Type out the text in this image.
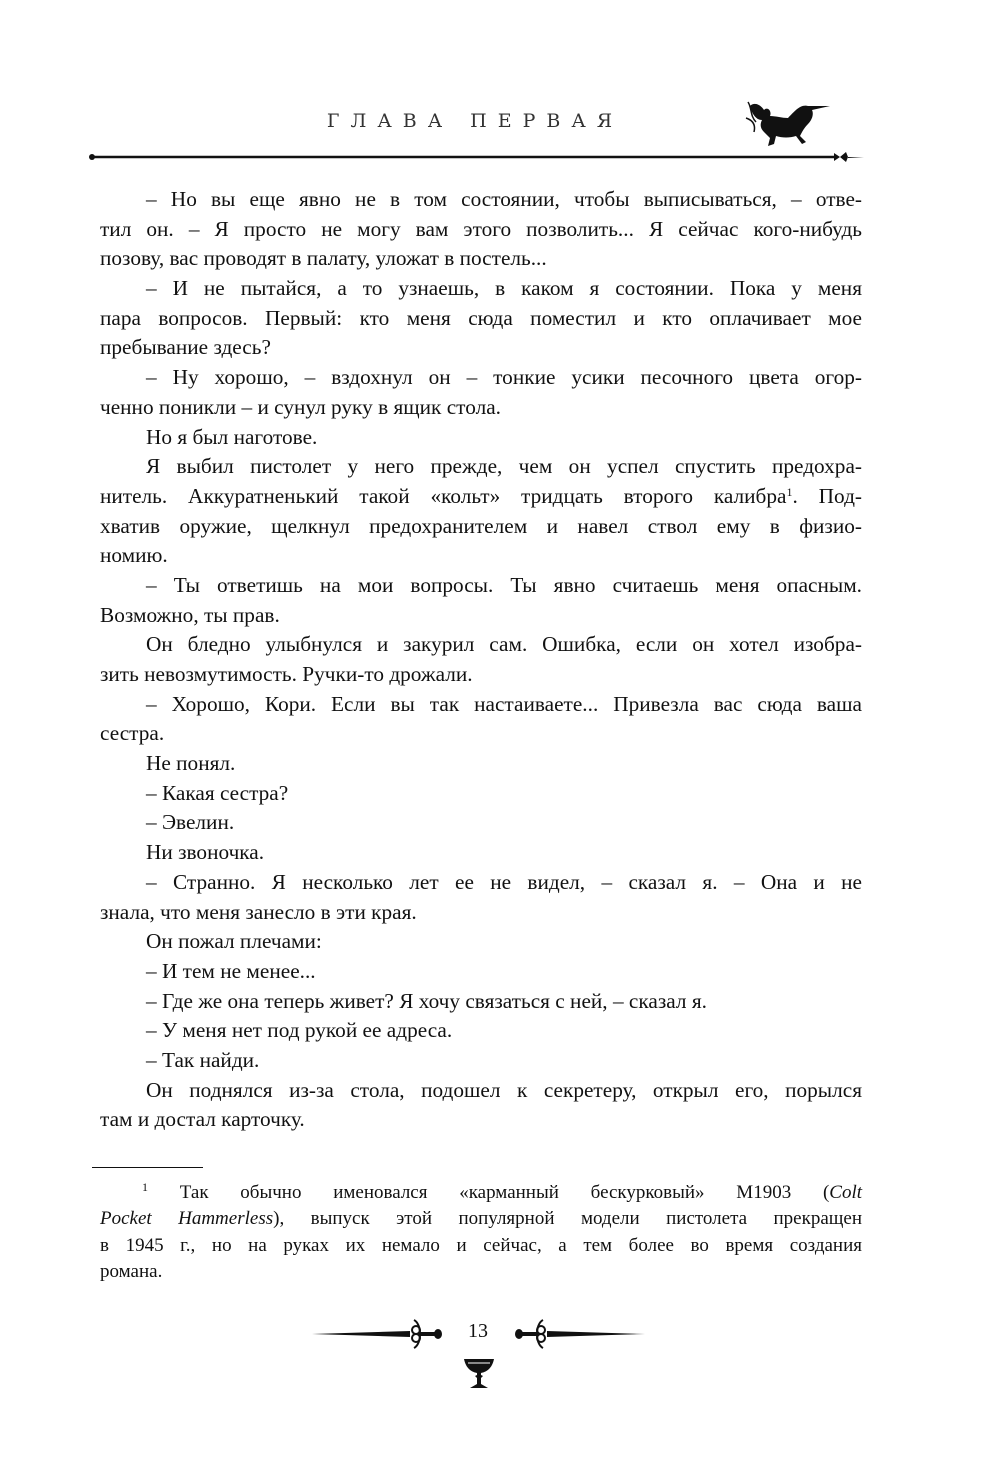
ГЛАВА ПЕРВАЯ
– Но вы еще явно не в том состоянии, чтобы выписываться, – отве-
тил он. – Я просто не могу вам этого позволить... Я сейчас кого-нибудь
позову, вас проводят в палату, уложат в постель...
– И не пытайся, а то узнаешь, в каком я состоянии. Пока у меня
пара вопросов. Первый: кто меня сюда поместил и кто оплачивает мое
пребывание здесь?
– Ну хорошо, – вздохнул он – тонкие усики песочного цвета огор-
ченно поникли – и сунул руку в ящик стола.
Но я был наготове.
Я выбил пистолет у него прежде, чем он успел спустить предохра-
нитель. Аккуратненький такой «кольт» тридцать второго калибра$^1$. Под-
хватив оружие, щелкнул предохранителем и навел ствол ему в физио-
номию.
– Ты ответишь на мои вопросы. Ты явно считаешь меня опасным.
Возможно, ты прав.
Он бледно улыбнулся и закурил сам. Ошибка, если он хотел изобра-
зить невозмутимость. Ручки-то дрожали.
– Хорошо, Кори. Если вы так настаиваете... Привезла вас сюда ваша
сестра.
Не понял.
– Какая сестра?
– Эвелин.
Ни звоночка.
– Странно. Я несколько лет ее не видел, – сказал я. – Она и не
знала, что меня занесло в эти края.
Он пожал плечами:
– И тем не менее...
– Где же она теперь живет? Я хочу связаться с ней, – сказал я.
– У меня нет под рукой ее адреса.
– Так найди.
Он поднялся из-за стола, подошел к секретеру, открыл его, порылся
там и достал карточку.
$^1$ Так обычно именовался «карманный бескурковый» M1903 (Colt
Pocket Hammerless), выпуск этой популярной модели пистолета прекращен
в 1945 г., но на руках их немало и сейчас, а тем более во время создания
романа.
13
